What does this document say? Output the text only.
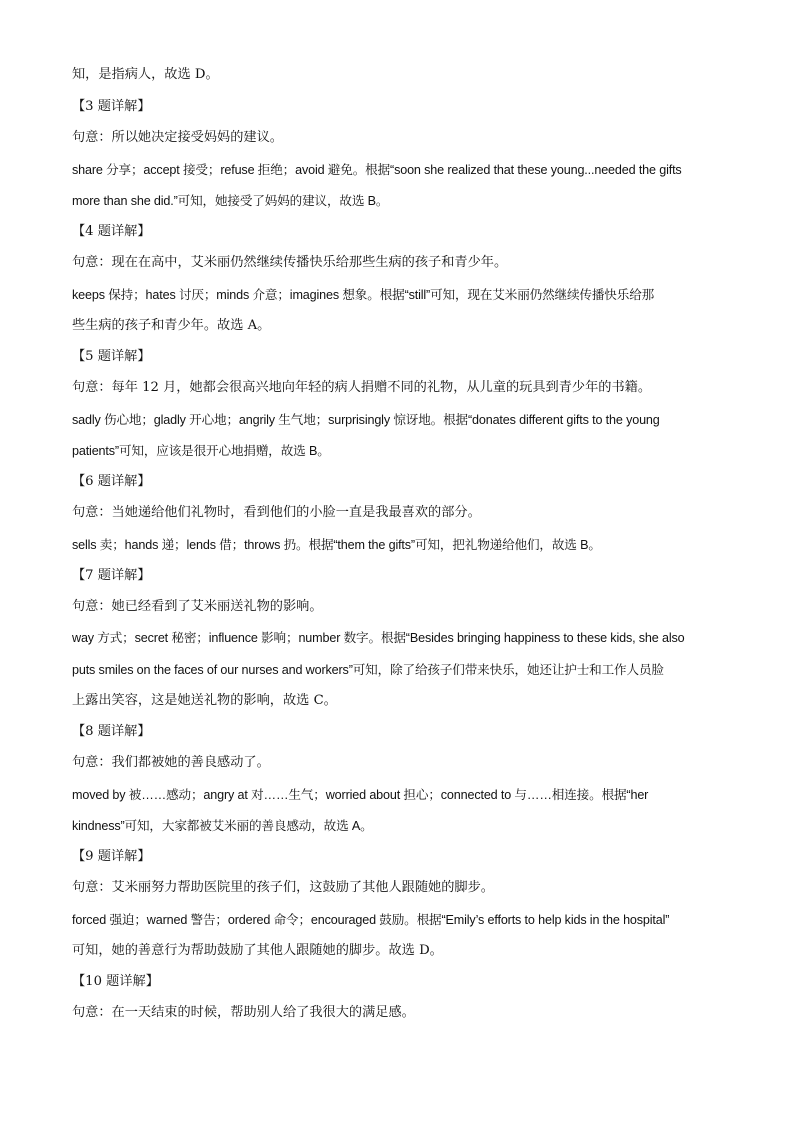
知，是指病人，故选 D。
【3 题详解】
句意：所以她决定接受妈妈的建议。
share 分享；accept 接受；refuse 拒绝；avoid 避免。根据“soon she realized that these young...needed the gifts
more than she did.”可知，她接受了妈妈的建议，故选 B。
【4 题详解】
句意：现在在高中，艾米丽仍然继续传播快乐给那些生病的孩子和青少年。
keeps 保持；hates 讨厌；minds 介意；imagines 想象。根据“still”可知，现在艾米丽仍然继续传播快乐给那
些生病的孩子和青少年。故选 A。
【5 题详解】
句意：每年 12 月，她都会很高兴地向年轻的病人捐赠不同的礼物，从儿童的玩具到青少年的书籍。
sadly 伤心地；gladly 开心地；angrily 生气地；surprisingly 惊讶地。根据“donates different gifts to the young
patients”可知，应该是很开心地捐赠，故选 B。
【6 题详解】
句意：当她递给他们礼物时，看到他们的小脸一直是我最喜欢的部分。
sells 卖；hands 递；lends 借；throws 扔。根据“them the gifts”可知，把礼物递给他们，故选 B。
【7 题详解】
句意：她已经看到了艾米丽送礼物的影响。
way 方式；secret 秘密；influence 影响；number 数字。根据“Besides bringing happiness to these kids, she also
puts smiles on the faces of our nurses and workers”可知，除了给孩子们带来快乐，她还让护士和工作人员脸
上露出笑容，这是她送礼物的影响，故选 C。
【8 题详解】
句意：我们都被她的善良感动了。
moved by 被……感动；angry at 对……生气；worried about 担心；connected to 与……相连接。根据“her
kindness”可知，大家都被艾米丽的善良感动，故选 A。
【9 题详解】
句意：艾米丽努力帮助医院里的孩子们，这鼓励了其他人跟随她的脚步。
forced 强迫；warned 警告；ordered 命令；encouraged 鼓励。根据“Emily’s efforts to help kids in the hospital”
可知，她的善意行为帮助鼓励了其他人跟随她的脚步。故选 D。
【10 题详解】
句意：在一天结束的时候，帮助别人给了我很大的满足感。
